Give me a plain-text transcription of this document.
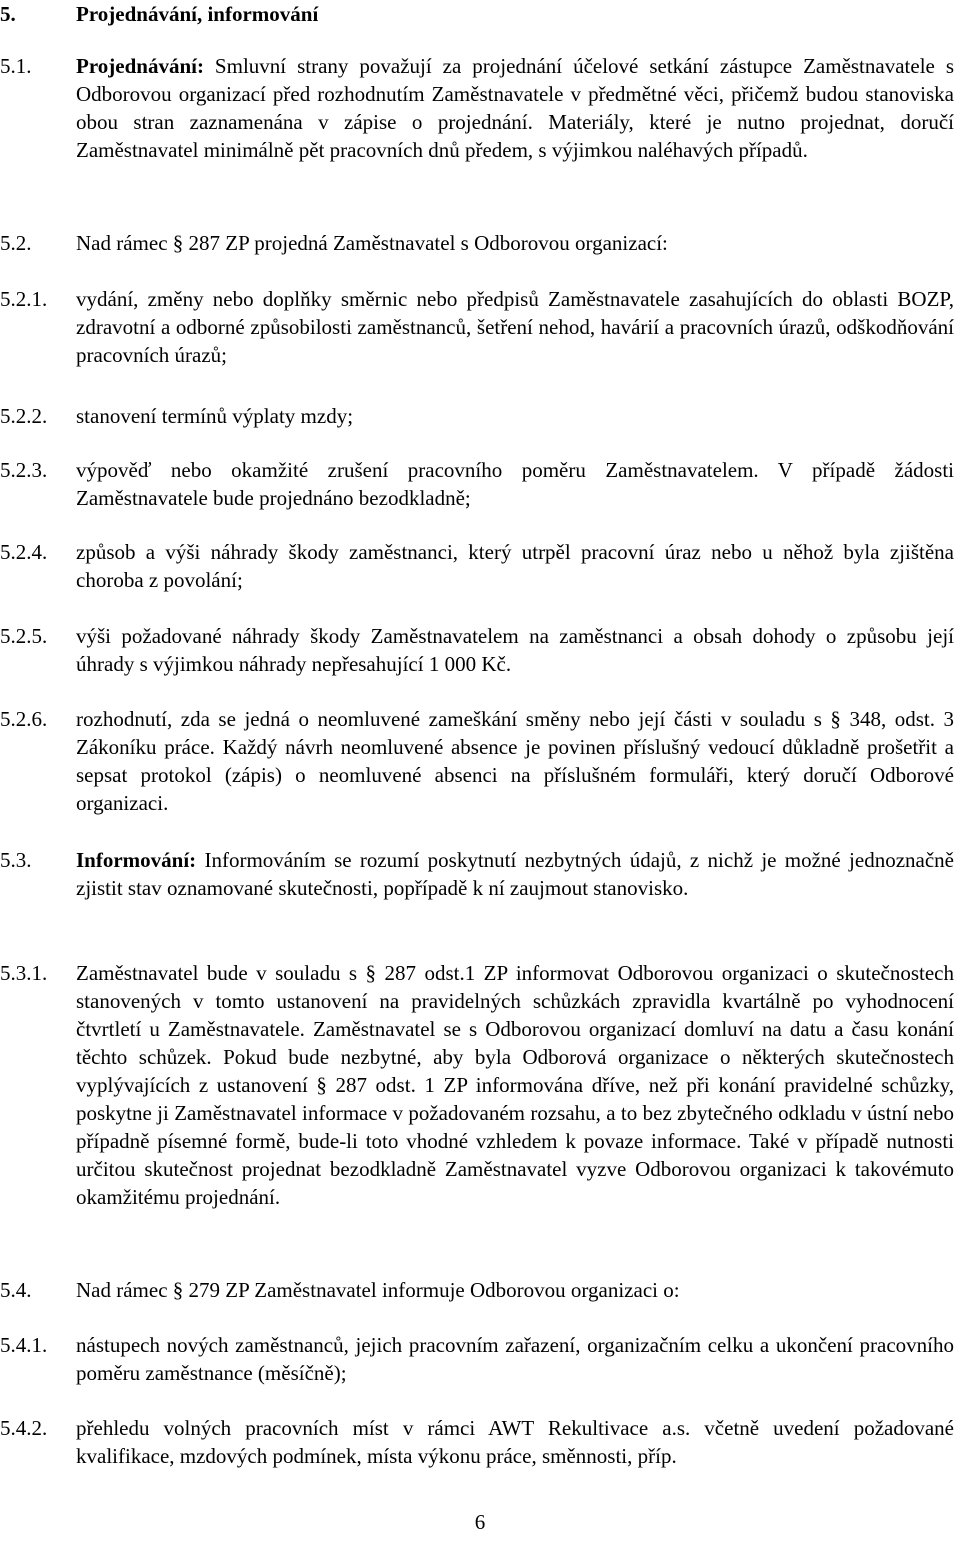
5.	Projednávání, informování
5.1. Projednávání: Smluvní strany považují za projednání účelové setkání zástupce Zaměstnavatele s Odborovou organizací před rozhodnutím Zaměstnavatele v předmětné věci, přičemž budou stanoviska obou stran zaznamenána v zápise o projednání. Materiály, které je nutno projednat, doručí Zaměstnavatel minimálně pět pracovních dnů předem, s výjimkou naléhavých případů.
5.2. Nad rámec § 287 ZP projedná Zaměstnavatel s Odborovou organizací:
5.2.1. vydání, změny nebo doplňky směrnic nebo předpisů Zaměstnavatele zasahujících do oblasti BOZP, zdravotní a odborné způsobilosti zaměstnanců, šetření nehod, havárií a pracovních úrazů, odškodňování pracovních úrazů;
5.2.2. stanovení termínů výplaty mzdy;
5.2.3. výpověď nebo okamžité zrušení pracovního poměru Zaměstnavatelem. V případě žádosti Zaměstnavatele bude projednáno bezodkladně;
5.2.4. způsob a výši náhrady škody zaměstnanci, který utrpěl pracovní úraz nebo u něhož byla zjištěna choroba z povolání;
5.2.5. výši požadované náhrady škody Zaměstnavatelem na zaměstnanci a obsah dohody o způsobu její úhrady s výjimkou náhrady nepřesahující 1 000 Kč.
5.2.6. rozhodnutí, zda se jedná o neomluvené zameškání směny nebo její části v souladu s § 348, odst. 3 Zákoníku práce. Každý návrh neomluvené absence je povinen příslušný vedoucí důkladně prošetřit a sepsat protokol (zápis) o neomluvené absenci na příslušném formuláři, který doručí Odborové organizaci.
5.3. Informování: Informováním se rozumí poskytnutí nezbytných údajů, z nichž je možné jednoznačně zjistit stav oznamované skutečnosti, popřípadě k ní zaujmout stanovisko.
5.3.1. Zaměstnavatel bude v souladu s § 287 odst.1 ZP informovat Odborovou organizaci o skutečnostech stanovených v tomto ustanovení na pravidelných schůzkách zpravidla kvartálně po vyhodnocení čtvrtletí u Zaměstnavatele. Zaměstnavatel se s Odborovou organizací domluví na datu a času konání těchto schůzek. Pokud bude nezbytné, aby byla Odborová organizace o některých skutečnostech vyplývajících z ustanovení § 287 odst. 1 ZP informována dříve, než při konání pravidelné schůzky, poskytne ji Zaměstnavatel informace v požadovaném rozsahu, a to bez zbytečného odkladu v ústní nebo případně písemné formě, bude-li toto vhodné vzhledem k povaze informace. Také v případě nutnosti určitou skutečnost projednat bezodkladně Zaměstnavatel vyzve Odborovou organizaci k takovémuto okamžitému projednání.
5.4. Nad rámec § 279 ZP Zaměstnavatel informuje Odborovou organizaci o:
5.4.1. nástupech nových zaměstnanců, jejich pracovním zařazení, organizačním celku a ukončení pracovního poměru zaměstnance (měsíčně);
5.4.2. přehledu volných pracovních míst v rámci AWT Rekultivace a.s. včetně uvedení požadované kvalifikace, mzdových podmínek, místa výkonu práce, směnnosti, příp.
6
